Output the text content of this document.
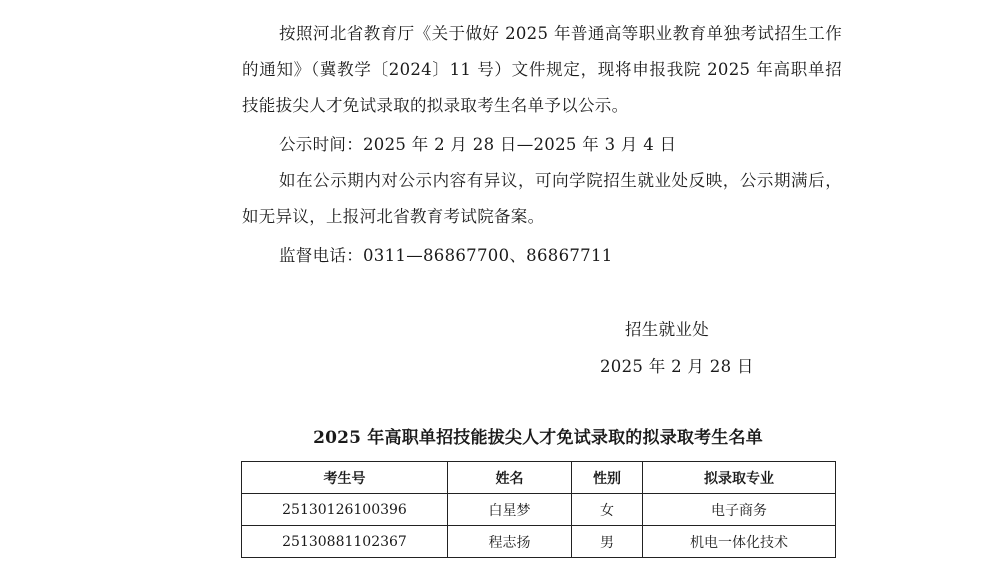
按照河北省教育厅《关于做好 2025 年普通高等职业教育单独考试招生工作的通知》（冀教学〔2024〕11 号）文件规定，现将申报我院 2025 年高职单招技能拔尖人才免试录取的拟录取考生名单予以公示。

公示时间：2025 年 2 月 28 日—2025 年 3 月 4 日

如在公示期内对公示内容有异议，可向学院招生就业处反映，公示期满后，如无异议，上报河北省教育考试院备案。

监督电话：0311—86867700、86867711

招生就业处
2025 年 2 月 28 日
2025 年高职单招技能拔尖人才免试录取的拟录取考生名单
考生号	姓名	性别	拟录取专业
25130126100396	白星梦	女	电子商务
25130881102367	程志扬	男	机电一体化技术
